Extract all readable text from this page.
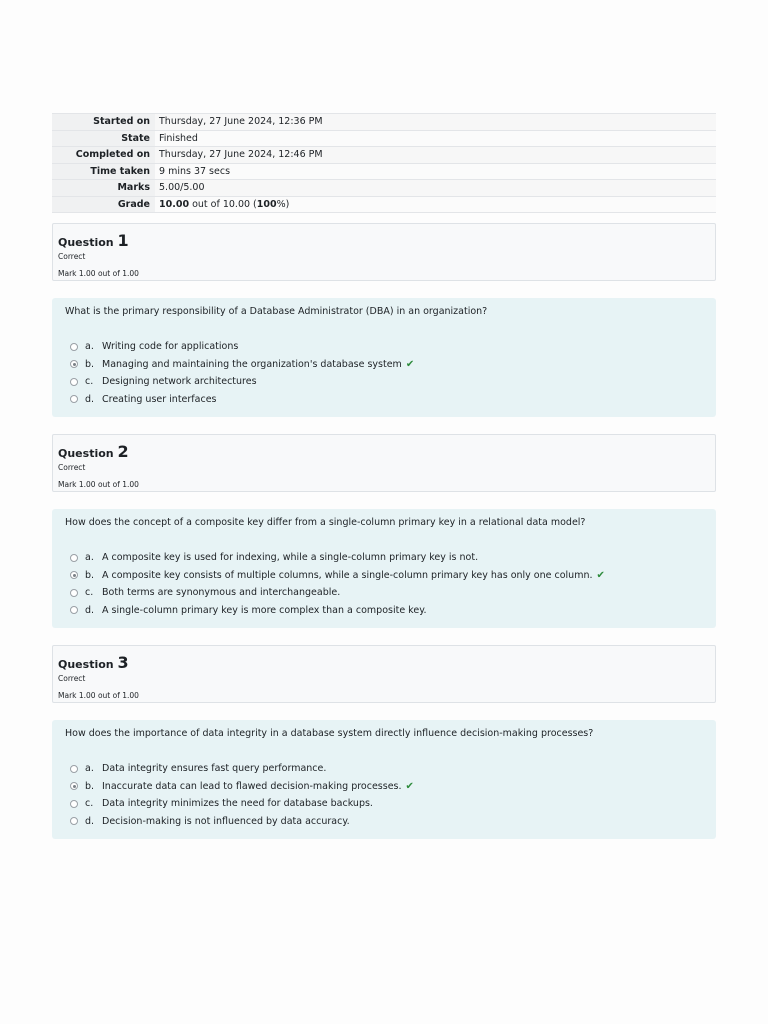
Started on	Thursday, 27 June 2024, 12:36 PM
State	Finished
Completed on	Thursday, 27 June 2024, 12:46 PM
Time taken	9 mins 37 secs
Marks	5.00/5.00
Grade	10.00 out of 10.00 (100%)
Question 1
Correct
Mark 1.00 out of 1.00
What is the primary responsibility of a Database Administrator (DBA) in an organization?
a. Writing code for applications
b. Managing and maintaining the organization's database system ✔
c. Designing network architectures
d. Creating user interfaces
Question 2
Correct
Mark 1.00 out of 1.00
How does the concept of a composite key differ from a single-column primary key in a relational data model?
a. A composite key is used for indexing, while a single-column primary key is not.
b. A composite key consists of multiple columns, while a single-column primary key has only one column. ✔
c. Both terms are synonymous and interchangeable.
d. A single-column primary key is more complex than a composite key.
Question 3
Correct
Mark 1.00 out of 1.00
How does the importance of data integrity in a database system directly influence decision-making processes?
a. Data integrity ensures fast query performance.
b. Inaccurate data can lead to flawed decision-making processes. ✔
c. Data integrity minimizes the need for database backups.
d. Decision-making is not influenced by data accuracy.
